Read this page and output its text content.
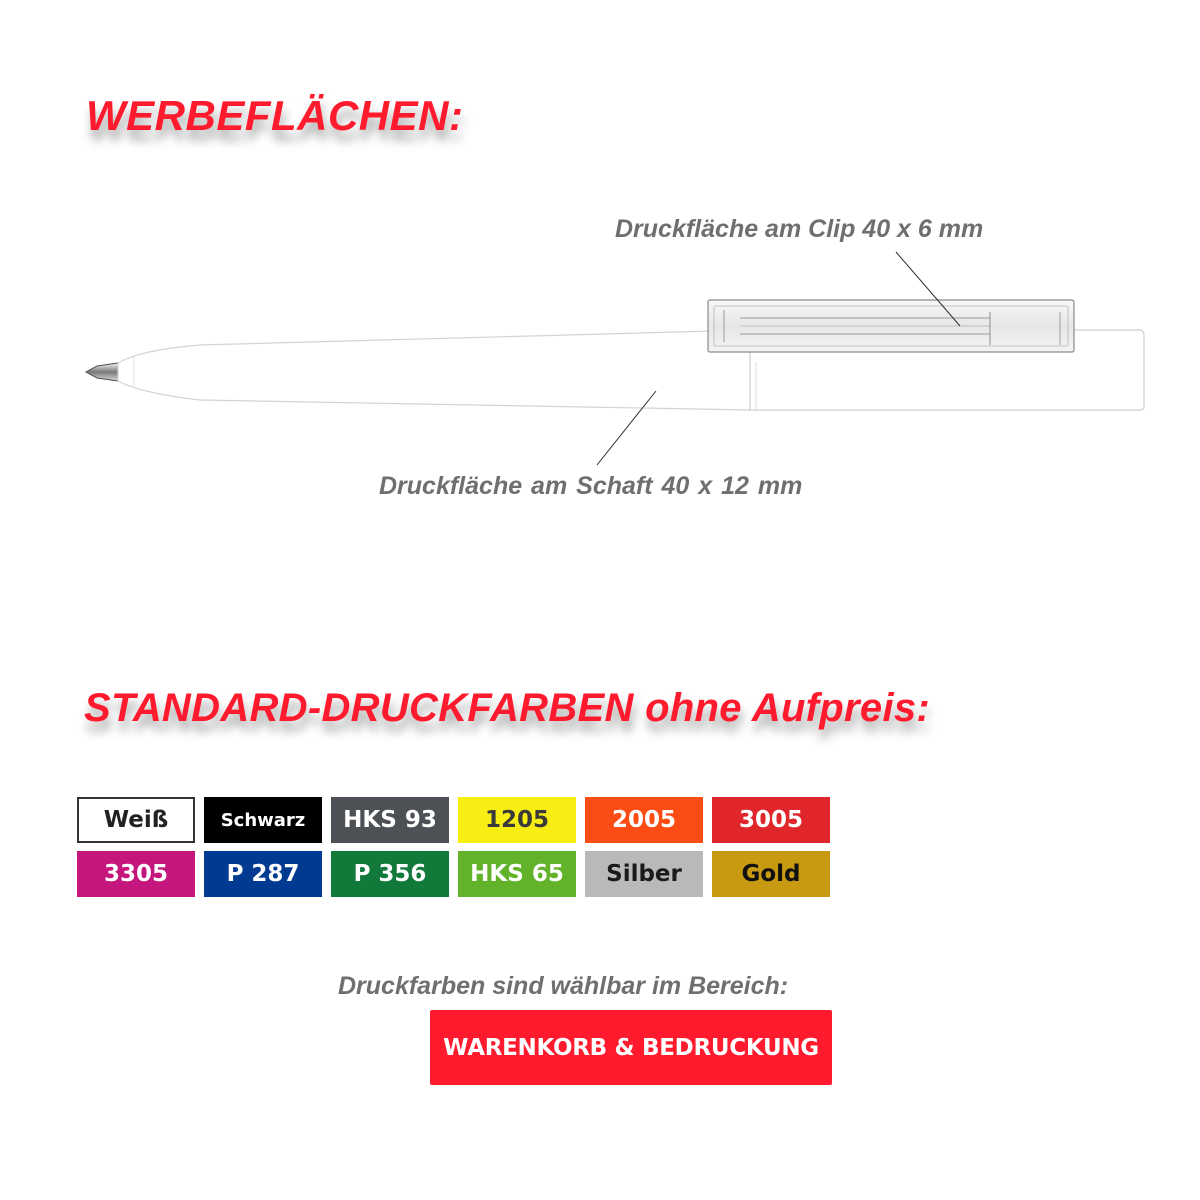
WERBEFLÄCHEN:
Druckfläche am Clip 40 x 6 mm
Druckfläche am Schaft 40 x 12 mm
STANDARD-DRUCKFARBEN ohne Aufpreis:
Weiß	Schwarz	HKS 93	1205	2005	3005
3305	P 287	P 356	HKS 65	Silber	Gold
Druckfarben sind wählbar im Bereich:
WARENKORB & BEDRUCKUNG
